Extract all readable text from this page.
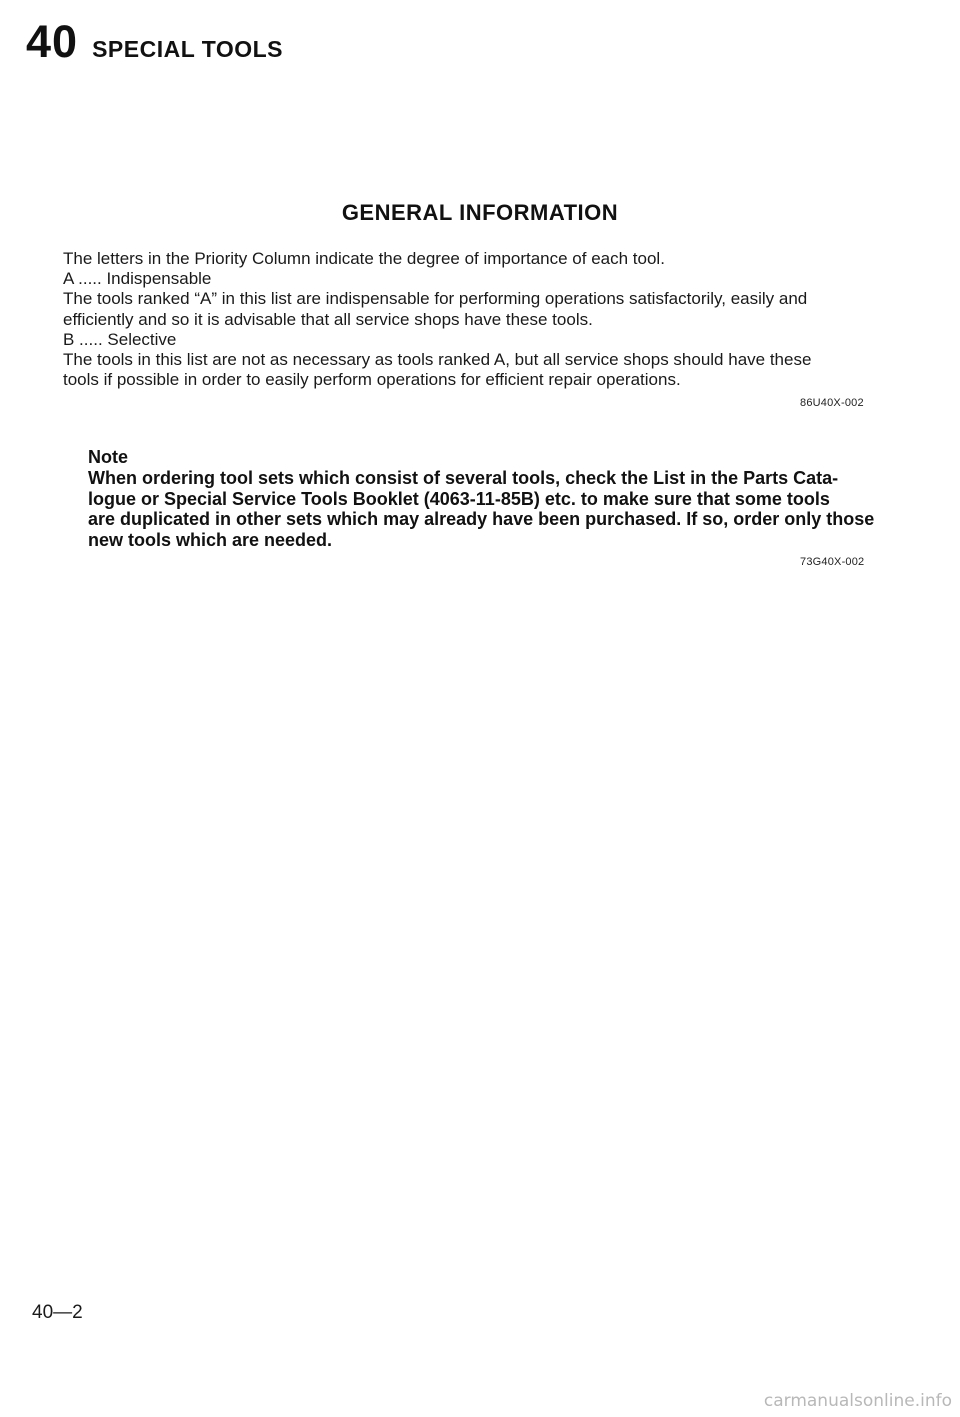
40 SPECIAL TOOLS
GENERAL INFORMATION
The letters in the Priority Column indicate the degree of importance of each tool.
A ..... Indispensable
The tools ranked “A” in this list are indispensable for performing operations satisfactorily, easily and
efficiently and so it is advisable that all service shops have these tools.
B ..... Selective
The tools in this list are not as necessary as tools ranked A, but all service shops should have these
tools if possible in order to easily perform operations for efficient repair operations.
86U40X-002
Note
When ordering tool sets which consist of several tools, check the List in the Parts Cata-
logue or Special Service Tools Booklet (4063-11-85B) etc. to make sure that some tools
are duplicated in other sets which may already have been purchased. If so, order only those
new tools which are needed.
73G40X-002
40—2
carmanualsonline.info
